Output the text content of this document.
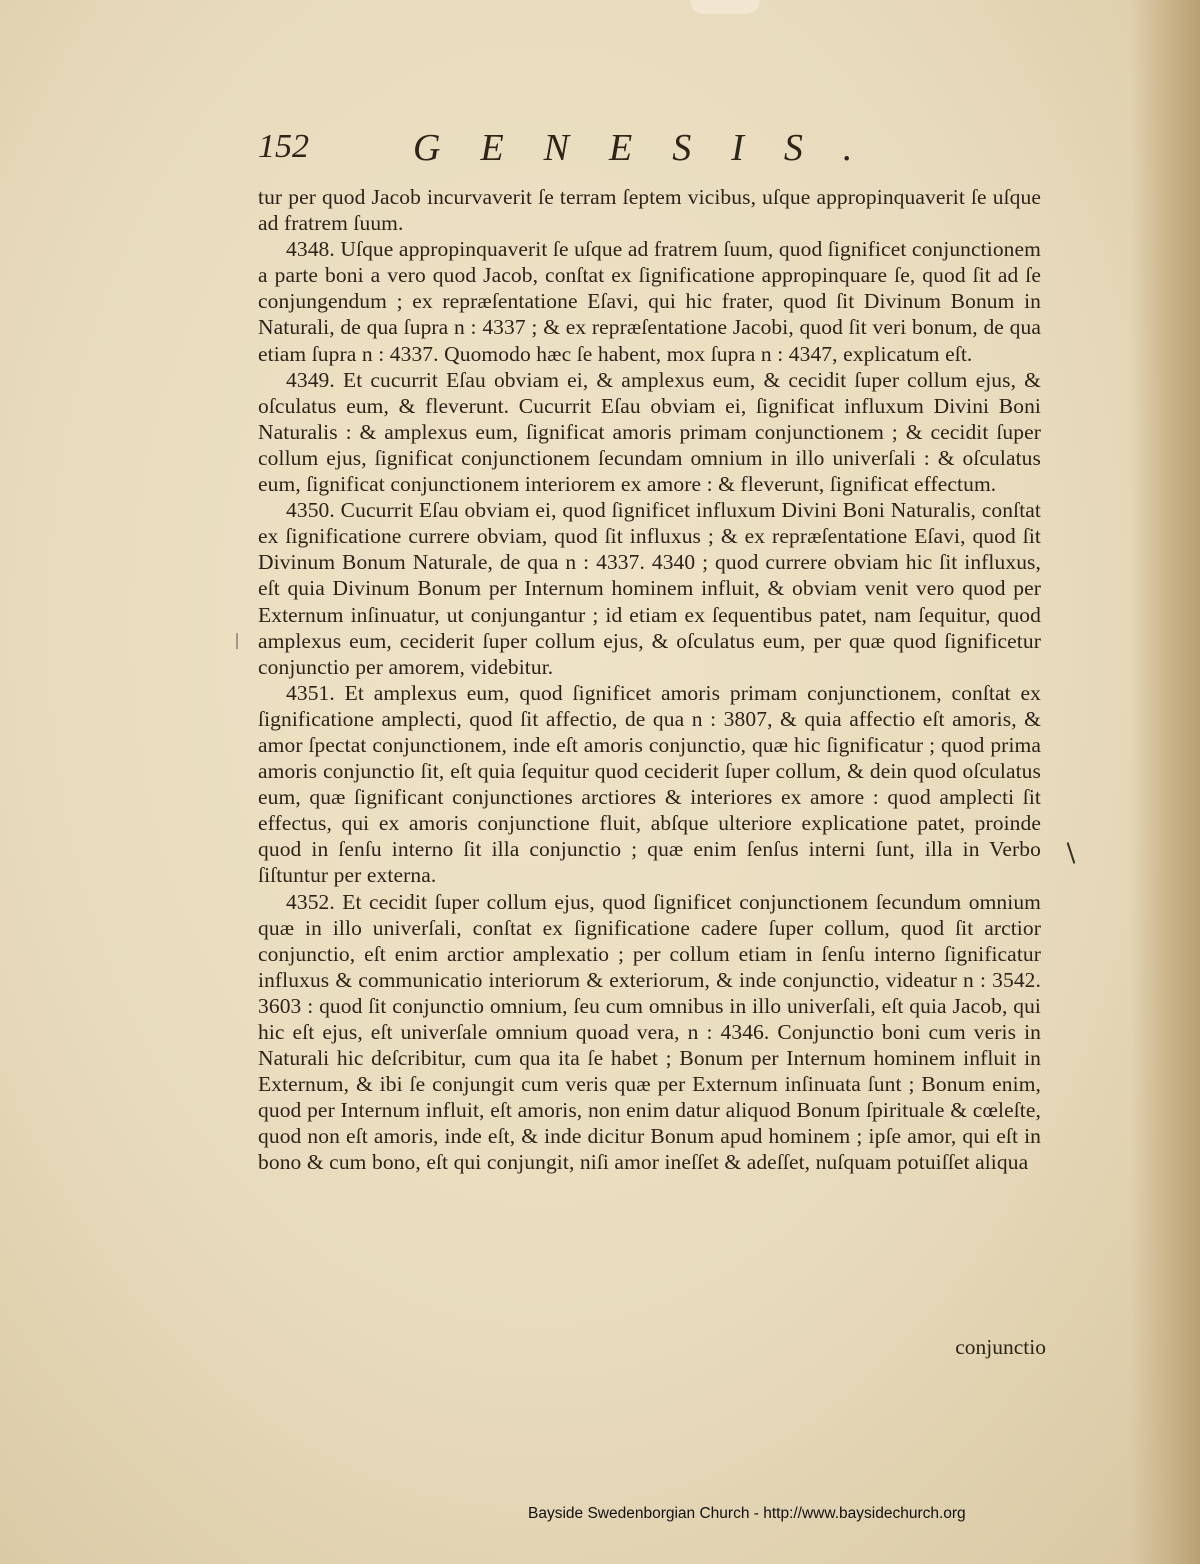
152	GENESIS.

tur per quod Jacob incurvaverit ſe terram ſeptem vicibus, uſque appropinquaverit ſe uſque ad fratrem ſuum.

4348. Uſque appropinquaverit ſe uſque ad fratrem ſuum, quod ſignificet conjunctionem a parte boni a vero quod Jacob, conſtat ex ſignificatione appropinquare ſe, quod ſit ad ſe conjungendum ; ex repræſentatione Eſavi, qui hic frater, quod ſit Divinum Bonum in Naturali, de qua ſupra n : 4337 ; & ex repræſentatione Jacobi, quod ſit veri bonum, de qua etiam ſupra n : 4337. Quomodo hæc ſe habent, mox ſupra n : 4347, explicatum eſt.

4349. Et cucurrit Eſau obviam ei, & amplexus eum, & cecidit ſuper collum ejus, & oſculatus eum, & fleverunt. Cucurrit Eſau obviam ei, ſignificat influxum Divini Boni Naturalis : & amplexus eum, ſignificat amoris primam conjunctionem ; & cecidit ſuper collum ejus, ſignificat conjunctionem ſecundam omnium in illo univerſali : & oſculatus eum, ſignificat conjunctionem interiorem ex amore : & fleverunt, ſignificat effectum.

4350. Cucurrit Eſau obviam ei, quod ſignificet influxum Divini Boni Naturalis, conſtat ex ſignificatione currere obviam, quod ſit influxus ; & ex repræſentatione Eſavi, quod ſit Divinum Bonum Naturale, de qua n : 4337. 4340 ; quod currere obviam hic ſit influxus, eſt quia Divinum Bonum per Internum hominem influit, & obviam venit vero quod per Externum inſinuatur, ut conjungantur ; id etiam ex ſequentibus patet, nam ſequitur, quod amplexus eum, ceciderit ſuper collum ejus, & oſculatus eum, per quæ quod ſignificetur conjunctio per amorem, videbitur.

4351. Et amplexus eum, quod ſignificet amoris primam conjunctionem, conſtat ex ſignificatione amplecti, quod ſit affectio, de qua n : 3807, & quia affectio eſt amoris, & amor ſpectat conjunctionem, inde eſt amoris conjunctio, quæ hic ſignificatur ; quod prima amoris conjunctio ſit, eſt quia ſequitur quod ceciderit ſuper collum, & dein quod oſculatus eum, quæ ſignificant conjunctiones arctiores & interiores ex amore : quod amplecti ſit effectus, qui ex amoris conjunctione fluit, abſque ulteriore explicatione patet, proinde quod in ſenſu interno ſit illa conjunctio ; quæ enim ſenſus interni ſunt, illa in Verbo ſiſtuntur per externa.

4352. Et cecidit ſuper collum ejus, quod ſignificet conjunctionem ſecundum omnium quæ in illo univerſali, conſtat ex ſignificatione cadere ſuper collum, quod ſit arctior conjunctio, eſt enim arctior amplexatio ; per collum etiam in ſenſu interno ſignificatur influxus & communicatio interiorum & exteriorum, & inde conjunctio, videatur n : 3542. 3603 : quod ſit conjunctio omnium, ſeu cum omnibus in illo univerſali, eſt quia Jacob, qui hic eſt ejus, eſt univerſale omnium quoad vera, n : 4346. Conjunctio boni cum veris in Naturali hic deſcribitur, cum qua ita ſe habet ; Bonum per Internum hominem influit in Externum, & ibi ſe conjungit cum veris quæ per Externum inſinuata ſunt ; Bonum enim, quod per Internum influit, eſt amoris, non enim datur aliquod Bonum ſpirituale & cœleſte, quod non eſt amoris, inde eſt, & inde dicitur Bonum apud hominem ; ipſe amor, qui eſt in bono & cum bono, eſt qui conjungit, niſi amor ineſſet & adeſſet, nuſquam potuiſſet aliqua

conjunctio
Bayside Swedenborgian Church - http://www.baysidechurch.org
